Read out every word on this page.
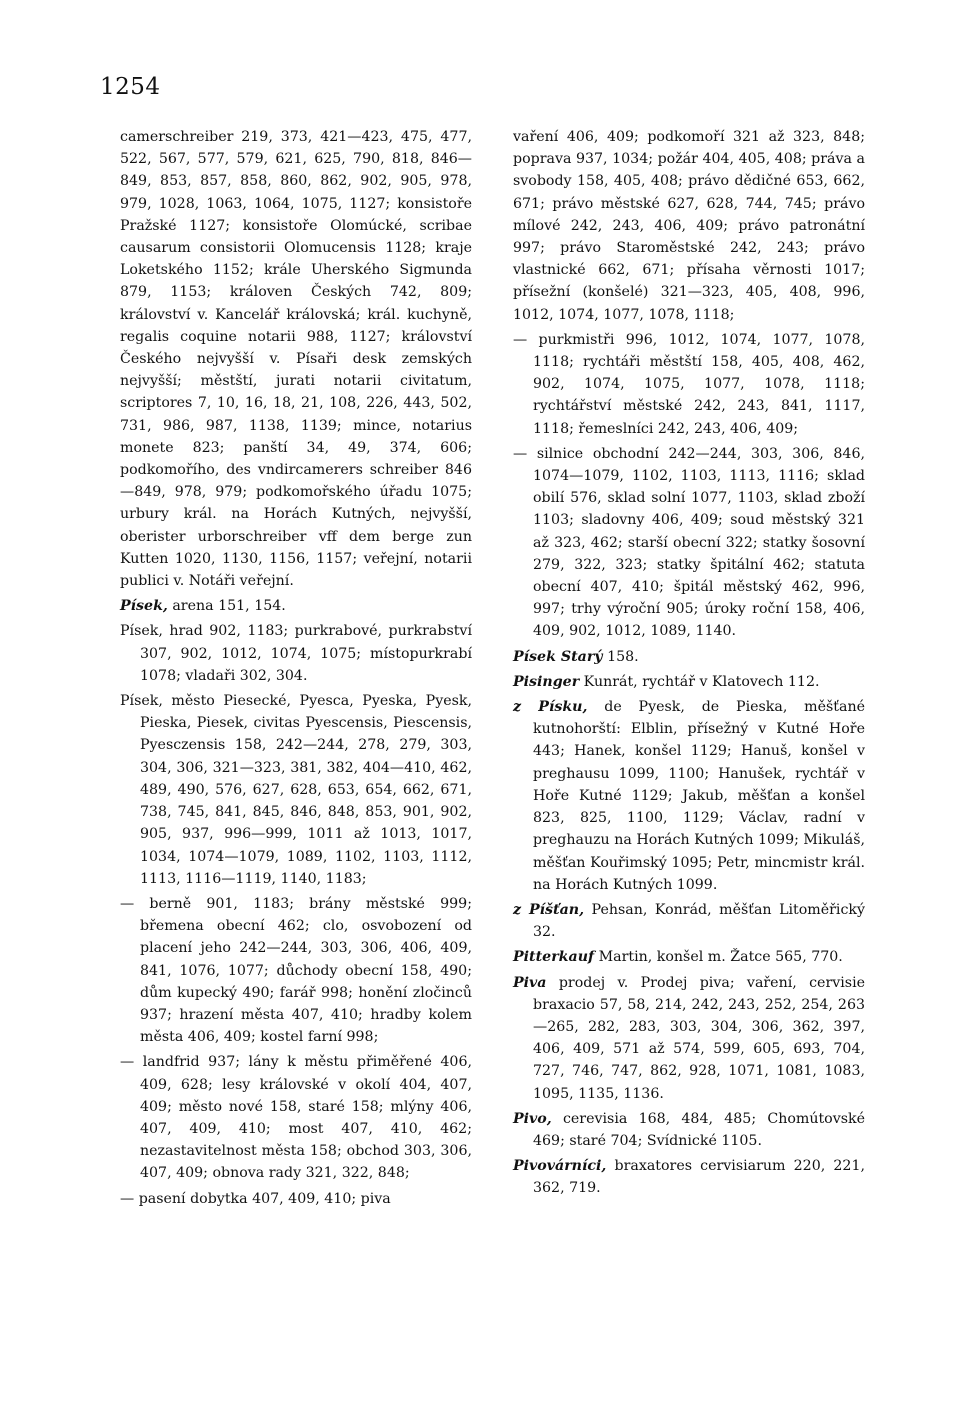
1254

camerschreiber 219, 373, 421—423, 475, 477, 522, 567, 577, 579, 621, 625, 790, 818, 846—849, 853, 857, 858, 860, 862, 902, 905, 978, 979, 1028, 1063, 1064, 1075, 1127; konsistoře Pražské 1127; konsistoře Olomúcké, scribae causarum consistorii Olomucensis 1128; kraje Loketského 1152; krále Uherského Sigmunda 879, 1153; královen Českých 742, 809; království v. Kancelář královská; král. kuchyně, regalis coquine notarii 988, 1127; království Českého nejvyšší v. Písaři desk zemských nejvyšší; městští, jurati notarii civitatum, scriptores 7, 10, 16, 18, 21, 108, 226, 443, 502, 731, 986, 987, 1138, 1139; mince, notarius monete 823; panští 34, 49, 374, 606; podkomořího, des vndircamerers schreiber 846—849, 978, 979; podkomořského úřadu 1075; urbury král. na Horách Kutných, nejvyšší, oberister urborschreiber vff dem berge zun Kutten 1020, 1130, 1156, 1157; veřejní, notarii publici v. Notáři veřejní.

Písek, arena 151, 154.

Písek, hrad 902, 1183; purkrabové, purkrabství 307, 902, 1012, 1074, 1075; místopurkrabí 1078; vladaři 302, 304.

Písek, město Piesecké, Pyesca, Pyeska, Pyesk, Pieska, Piesek, civitas Pyescensis, Piescensis, Pyesczensis 158, 242—244, 278, 279, 303, 304, 306, 321—323, 381, 382, 404—410, 462, 489, 490, 576, 627, 628, 653, 654, 662, 671, 738, 745, 841, 845, 846, 848, 853, 901, 902, 905, 937, 996—999, 1011 až 1013, 1017, 1034, 1074—1079, 1089, 1102, 1103, 1112, 1113, 1116—1119, 1140, 1183;

— berně 901, 1183; brány městské 999; břemena obecní 462; clo, osvobození od placení jeho 242—244, 303, 306, 406, 409, 841, 1076, 1077; důchody obecní 158, 490; dům kupecký 490; farář 998; honění zločinců 937; hrazení města 407, 410; hradby kolem města 406, 409; kostel farní 998;

— landfrid 937; lány k městu přiměřené 406, 409, 628; lesy královské v okolí 404, 407, 409; město nové 158, staré 158; mlýny 406, 407, 409, 410; most 407, 410, 462; nezastavitelnost města 158; obchod 303, 306, 407, 409; obnova rady 321, 322, 848;

— pasení dobytka 407, 409, 410; piva

vaření 406, 409; podkomoří 321 až 323, 848; poprava 937, 1034; požár 404, 405, 408; práva a svobody 158, 405, 408; právo dědičné 653, 662, 671; právo městské 627, 628, 744, 745; právo mílové 242, 243, 406, 409; právo patronátní 997; právo Staroměstské 242, 243; právo vlastnické 662, 671; přísaha věrnosti 1017; přísežní (konšelé) 321—323, 405, 408, 996, 1012, 1074, 1077, 1078, 1118;

— purkmistři 996, 1012, 1074, 1077, 1078, 1118; rychtáři městští 158, 405, 408, 462, 902, 1074, 1075, 1077, 1078, 1118; rychtářství městské 242, 243, 841, 1117, 1118; řemeslníci 242, 243, 406, 409;

— silnice obchodní 242—244, 303, 306, 846, 1074—1079, 1102, 1103, 1113, 1116; sklad obilí 576, sklad solní 1077, 1103, sklad zboží 1103; sladovny 406, 409; soud městský 321 až 323, 462; starší obecní 322; statky šosovní 279, 322, 323; statky špitální 462; statuta obecní 407, 410; špitál městský 462, 996, 997; trhy výroční 905; úroky roční 158, 406, 409, 902, 1012, 1089, 1140.

Písek Starý 158.

Pisinger Kunrát, rychtář v Klatovech 112.

z Písku, de Pyesk, de Pieska, měšťané kutnohorští: Elblin, přísežný v Kutné Hoře 443; Hanek, konšel 1129; Hanuš, konšel v preghausu 1099, 1100; Hanušek, rychtář v Hoře Kutné 1129; Jakub, měšťan a konšel 823, 825, 1100, 1129; Václav, radní v preghauzu na Horách Kutných 1099; Mikuláš, měšťan Kouřimský 1095; Petr, mincmistr král. na Horách Kutných 1099.

z Píšťan, Pehsan, Konrád, měšťan Litoměřický 32.

Pitterkauf Martin, konšel m. Žatce 565, 770.

Piva prodej v. Prodej piva; vaření, cervisie braxacio 57, 58, 214, 242, 243, 252, 254, 263—265, 282, 283, 303, 304, 306, 362, 397, 406, 409, 571 až 574, 599, 605, 693, 704, 727, 746, 747, 862, 928, 1071, 1081, 1083, 1095, 1135, 1136.

Pivo, cerevisia 168, 484, 485; Chomútovské 469; staré 704; Svídnické 1105.

Pivovárníci, braxatores cervisiarum 220, 221, 362, 719.
